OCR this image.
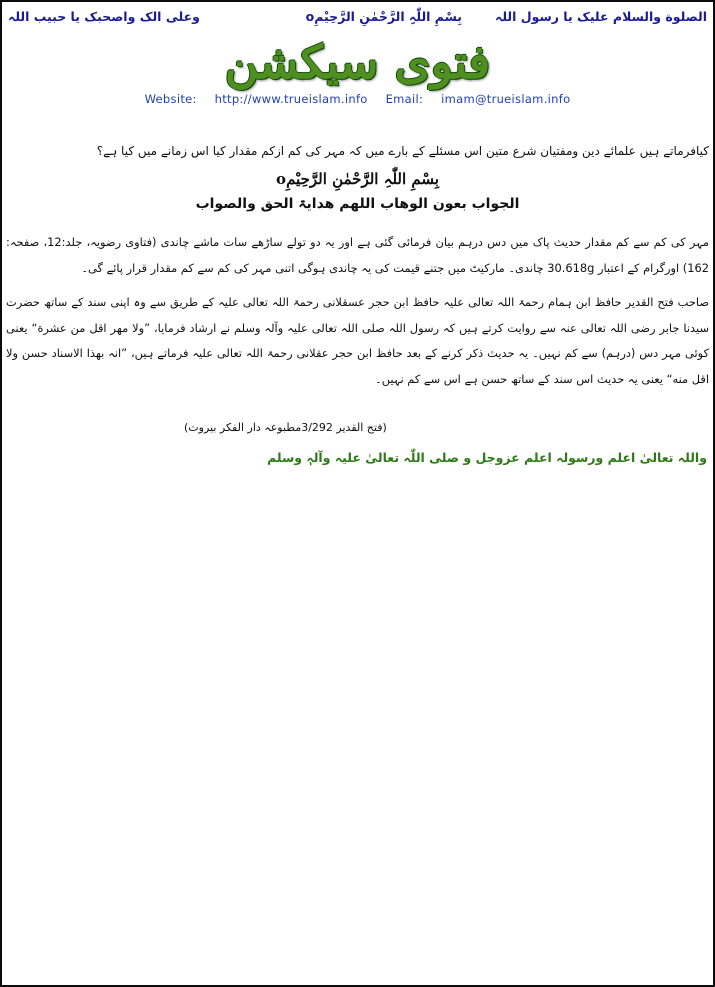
الصلوة والسلام علیک یا رسول اللہ
بِسْمِ اللّٰہِ الرَّحْمٰنِ الرَّحِیْمِo
وعلی الک واصحبک یا حبیب اللہ
فتوی سیکشن
Website: http://www.trueislam.info Email: imam@trueislam.info
کیافرماتے ہیں علمائے دین ومفتیان شرع متین اس مسئلے کے بارے میں کہ مہر کی کم ازکم مقدار کیا اس زمانے میں کیا ہے؟
بِسْمِ اللّٰہِ الرَّحْمٰنِ الرَّحِیْمِo
الجواب بعون الوھاب اللھم ھدایۃ الحق والصواب
مہر کی کم سے کم مقدار حدیث پاک میں دس درہم بیان فرمائی گئی ہے اور یہ دو تولے ساڑھے سات ماشے چاندی (فتاوی رضویہ، جلد:12، صفحہ: 162) اورگرام کے اعتبار 30.618g چاندی۔ مارکیٹ میں جتنے قیمت کی یہ چاندی ہوگی اتنی مہر کی کم سے کم مقدار قرار پائے گی۔
صاحب فتح القدیر حافظ ابن ہمام رحمۃ اللہ تعالی علیہ حافظ ابن حجر عسقلانی رحمۃ اللہ تعالی علیہ کے طریق سے وہ اپنی سند کے ساتھ حضرت سیدنا جابر رضی اللہ تعالی عنہ سے روایت کرتے ہیں کہ رسول اللہ صلی اللہ تعالی علیہ وآلہ وسلم نے ارشاد فرمایا، ”ولا مهر اقل من عشرة“ یعنی کوئی مہر دس (درہم) سے کم نہیں۔ یہ حدیث ذکر کرنے کے بعد حافظ ابن حجر عقلانی رحمۃ اللہ تعالی علیہ فرماتے ہیں، ”انہ بھذا الاسناد حسن ولا اقل منه“ یعنی یہ حدیث اس سند کے ساتھ حسن ہے اس سے کم نہیں۔
(فتح القدیر 3/292مطبوعہ دار الفکر بیروت)
واللہ تعالیٰ اعلم ورسولہ اعلم عزوجل و صلی اللّٰہ تعالیٰ علیہ وآلہٖ وسلم
